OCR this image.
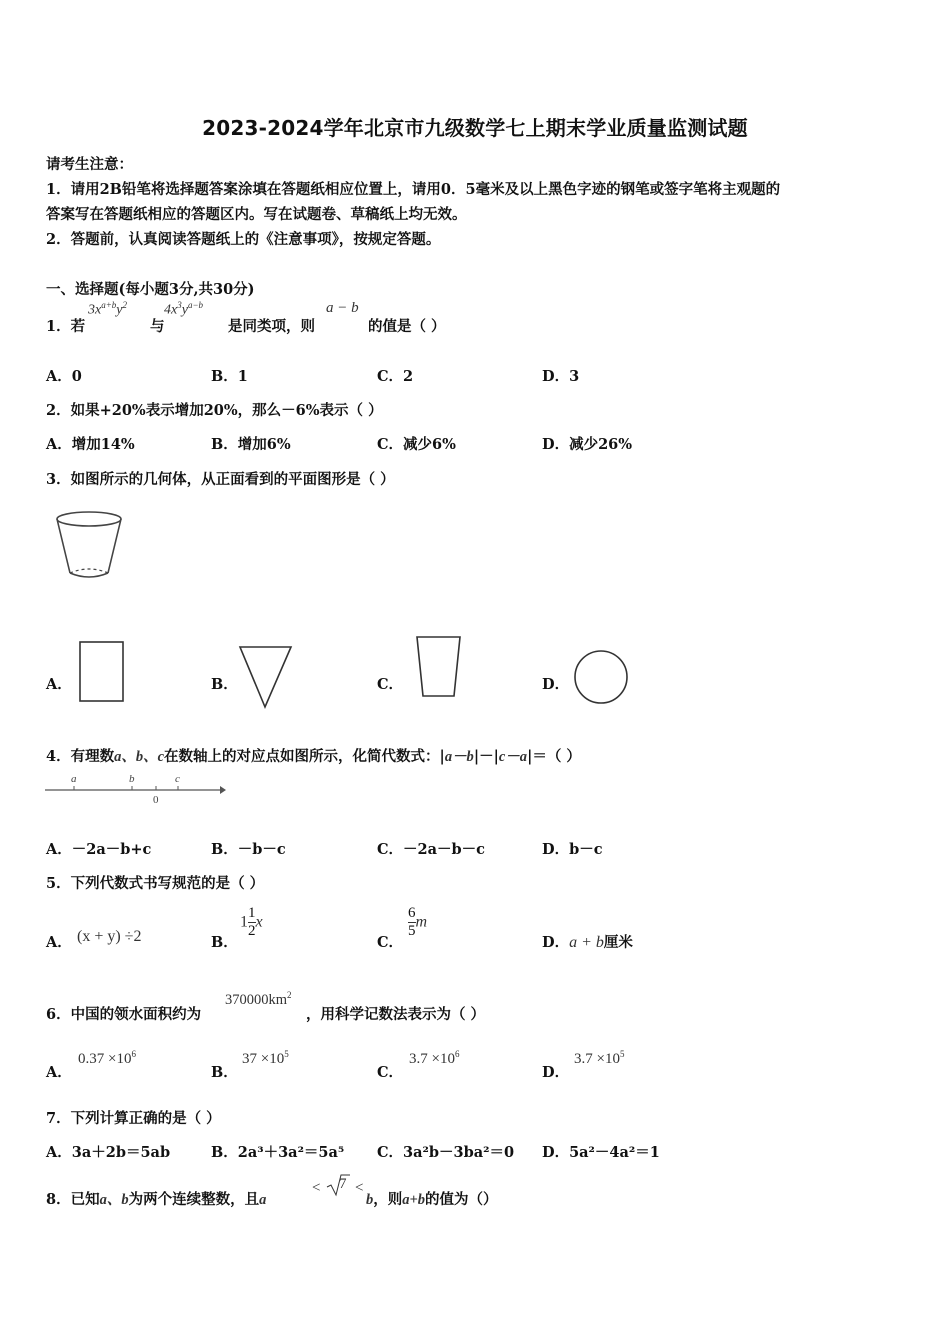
2023-2024学年北京市九级数学七上期末学业质量监测试题
请考生注意：
1．请用2B铅笔将选择题答案涂填在答题纸相应位置上，请用0．5毫米及以上黑色字迹的钢笔或签字笔将主观题的
答案写在答题纸相应的答题区内。写在试题卷、草稿纸上均无效。
2．答题前，认真阅读答题纸上的《注意事项》，按规定答题。
一、选择题(每小题3分,共30分)
1．若
$3x^{a+b}y^2$
与
$4x^3y^{a-b}$
是同类项，则
a − b
的值是（ ）
A．0	B．1	C．2	D．3
2．如果+20%表示增加20%，那么－6%表示（ ）
A．增加14%	B．增加6%	C．减少6%	D．减少26%
3．如图所示的几何体，从正面看到的平面图形是（ ）
A．	B．	C．	D．
4．有理数a、b、c在数轴上的对应点如图所示，化简代数式：|a－b|－|c－a|＝（ ）
a	b	c
0
A．－2a－b+c	B．－b－c	C．－2a－b－c	D．b－c
5．下列代数式书写规范的是（ ）
A． (x + y) ÷2	B．
$1 \frac{1}{2}$ x
C．
$\frac{6}{5}$ m
D．a + b厘米
6．中国的领水面积约为
$370000km^2$
，用科学记数法表示为（ ）
A．
$0.37 \times 10^6$
B．
$37 \times 10^5$
C．
$3.7 \times 10^6$
D．
$3.7 \times 10^5$
7．下列计算正确的是（ ）
A．3a＋2b＝5ab	B．2a³＋3a²＝5a⁵ C．3a²b－3ba²＝0 D．5a²－4a²＝1
8．已知a、b为两个连续整数，且a
< 7 <
b，则a+b的值为（）
